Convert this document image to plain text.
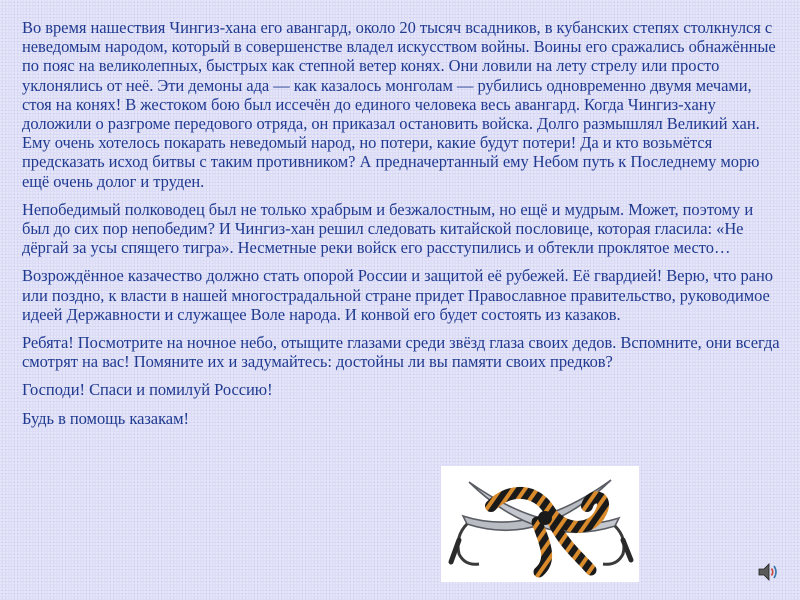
Во время нашествия Чингиз-хана его авангард, около 20 тысяч всадников, в кубанских степях столкнулся с неведомым народом, который в совершенстве владел искусством войны. Воины его сражались обнажённые по пояс на великолепных, быстрых как степной ветер конях. Они ловили на лету стрелу или просто уклонялись от неё. Эти демоны ада — как казалось монголам — рубились одновременно двумя мечами, стоя на конях! В жестоком бою был иссечён до единого человека весь авангард. Когда Чингиз-хану доложили о разгроме передового отряда, он приказал остановить войска. Долго размышлял Великий хан. Ему очень хотелось покарать неведомый народ, но потери, какие будут потери! Да и кто возьмётся предсказать исход битвы с таким противником? А предначертанный ему Небом путь к Последнему морю ещё очень долог и труден.

Непобедимый полководец был не только храбрым и безжалостным, но ещё и мудрым. Может, поэтому и был до сих пор непобедим? И Чингиз-хан решил следовать китайской пословице, которая гласила: «Не дёргай за усы спящего тигра». Несметные реки войск его расступились и обтекли проклятое место…

Возрождённое казачество должно стать опорой России и защитой её рубежей. Её гвардией! Верю, что рано или поздно, к власти в нашей многострадальной стране придет Православное правительство, руководимое идеей Державности и служащее Воле народа. И конвой его будет состоять из казаков.

Ребята! Посмотрите на ночное небо, отыщите глазами среди звёзд глаза своих дедов. Вспомните, они всегда смотрят на вас! Помяните их и задумайтесь: достойны ли вы памяти своих предков?

Господи! Спаси и помилуй Россию!

Будь в помощь казакам!
